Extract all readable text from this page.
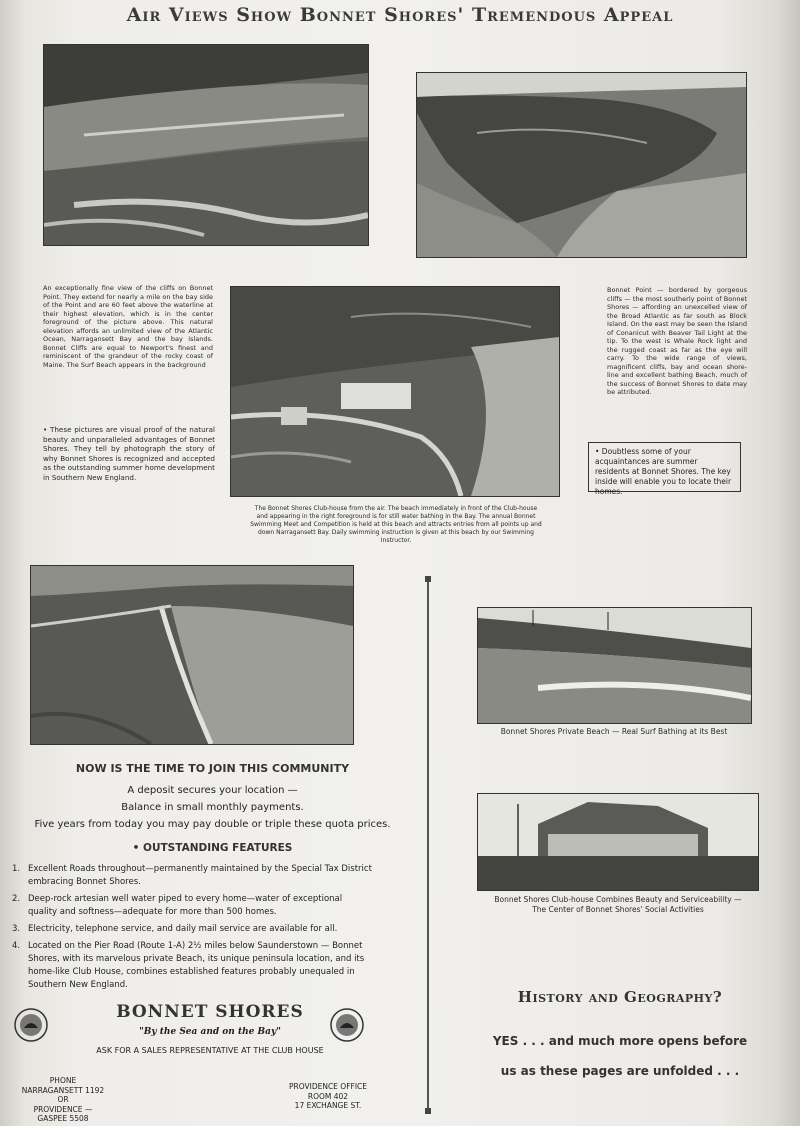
Air Views Show Bonnet Shores' Tremendous Appeal
An exceptionally fine view of the cliffs on Bonnet Point. They extend for nearly a mile on the bay side of the Point and are 60 feet above the waterline at their highest elevation, which is in the center foreground of the picture above. This natural elevation affords an unlimited view of the Atlantic Ocean, Narragansett Bay and the bay islands. Bonnet Cliffs are equal to Newport's finest and reminiscent of the grandeur of the rocky coast of Maine. The Surf Beach appears in the background
• These pictures are visual proof of the natural beauty and unparalleled advantages of Bonnet Shores. They tell by photograph the story of why Bonnet Shores is recognized and accepted as the outstanding summer home development in Southern New England.
Bonnet Point — bordered by gorgeous cliffs — the most southerly point of Bonnet Shores — affording an unexcelled view of the Broad Atlantic as far south as Block Island. On the east may be seen the Island of Conanicut with Beaver Tail Light at the tip. To the west is Whale Rock light and the rugged coast as far as the eye will carry. To the wide range of views, magnificent cliffs, bay and ocean shore-line and excellent bathing Beach, much of the success of Bonnet Shores to date may be attributed.
• Doubtless some of your acquaintances are summer residents at Bonnet Shores. The key inside will enable you to locate their homes.
The Bonnet Shores Club-house from the air. The beach immediately in front of the Club-house and appearing in the right foreground is for still water bathing in the Bay. The annual Bonnet Swimming Meet and Competition is held at this beach and attracts entries from all points up and down Narragansett Bay. Daily swimming instruction is given at this beach by our Swimming Instructor.
NOW IS THE TIME TO JOIN THIS COMMUNITY
A deposit secures your location —
Balance in small monthly payments.
Five years from today you may pay double or triple these quota prices.
• OUTSTANDING FEATURES
1. Excellent Roads throughout—permanently maintained by the Special Tax District embracing Bonnet Shores.
2. Deep-rock artesian well water piped to every home—water of exceptional quality and softness—adequate for more than 500 homes.
3. Electricity, telephone service, and daily mail service are available for all.
4. Located on the Pier Road (Route 1-A) 2½ miles below Saunderstown — Bonnet Shores, with its marvelous private Beach, its unique peninsula location, and its home-like Club House, combines established features probably unequaled in Southern New England.
BONNET SHORES
"By the Sea and on the Bay"
ASK FOR A SALES REPRESENTATIVE AT THE CLUB HOUSE
PHONE
NARRAGANSETT 1192
OR
PROVIDENCE —
GASPEE 5508
PROVIDENCE OFFICE
ROOM 402
17 EXCHANGE ST.
Bonnet Shores Private Beach — Real Surf Bathing at its Best
Bonnet Shores Club-house Combines Beauty and Serviceability —
The Center of Bonnet Shores' Social Activities
History and Geography?
YES . . . and much more opens before
us as these pages are unfolded . . .
